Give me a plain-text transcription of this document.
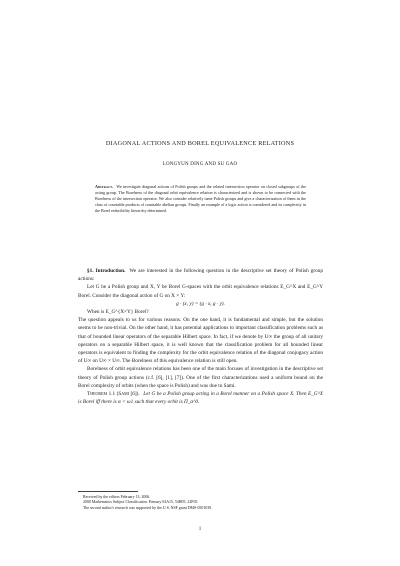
DIAGONAL ACTIONS AND BOREL EQUIVALENCE RELATIONS
LONGYUN DING AND SU GAO
Abstract. We investigate diagonal actions of Polish groups and the related intersection operator on closed subgroups of the acting group. The Borelness of the diagonal orbit equivalence relation is characterized and is shown to be connected with the Borelness of the intersection operator. We also consider relatively tame Polish groups and give a characterization of them in the class of countable products of countable abelian groups. Finally an example of a logic action is considered and its complexity in the Borel reducibility hierarchy determined.

§1. Introduction. We are interested in the following question in the descriptive set theory of Polish group actions:

Let G be a Polish group and X, Y be Borel G-spaces with the orbit equivalence relations E_G^X and E_G^Y Borel. Consider the diagonal action of G on X × Y:

g · (x, y) = (g · x, g · y).

When is E_G^{X×Y} Borel?

The question appeals to us for various reasons. On the one hand, it is fundamental and simple, but the solution seems to be non-trivial. On the other hand, it has potential applications to important classification problems such as that of bounded linear operators of the separable Hilbert space. In fact, if we denote by U∞ the group of all unitary operators on a separable Hilbert space, it is well known that the classification problem for all bounded linear operators is equivalent to finding the complexity for the orbit equivalence relation of the diagonal conjugacy action of U∞ on U∞ × U∞. The Borelness of this equivalence relation is still open.

Borelness of orbit equivalence relations has been one of the main focuses of investigation in the descriptive set theory of Polish group actions (c.f. [6], [1], [7]). One of the first characterizations used a uniform bound on the Borel complexity of orbits (when the space is Polish) and was due to Sami.

Theorem 1.1 (Sami [6]). Let G be a Polish group acting in a Borel manner on a Polish space X. Then E_G^X is Borel iff there is α < ω1 such that every orbit is Π_α^0.

Received by the editors February 13, 2006.

2000 Mathematics Subject Classification. Primary 04A15, 54H05, 22F05.

The second author's research was supported by the U.S. NSF grant DMS-0501039.

1
